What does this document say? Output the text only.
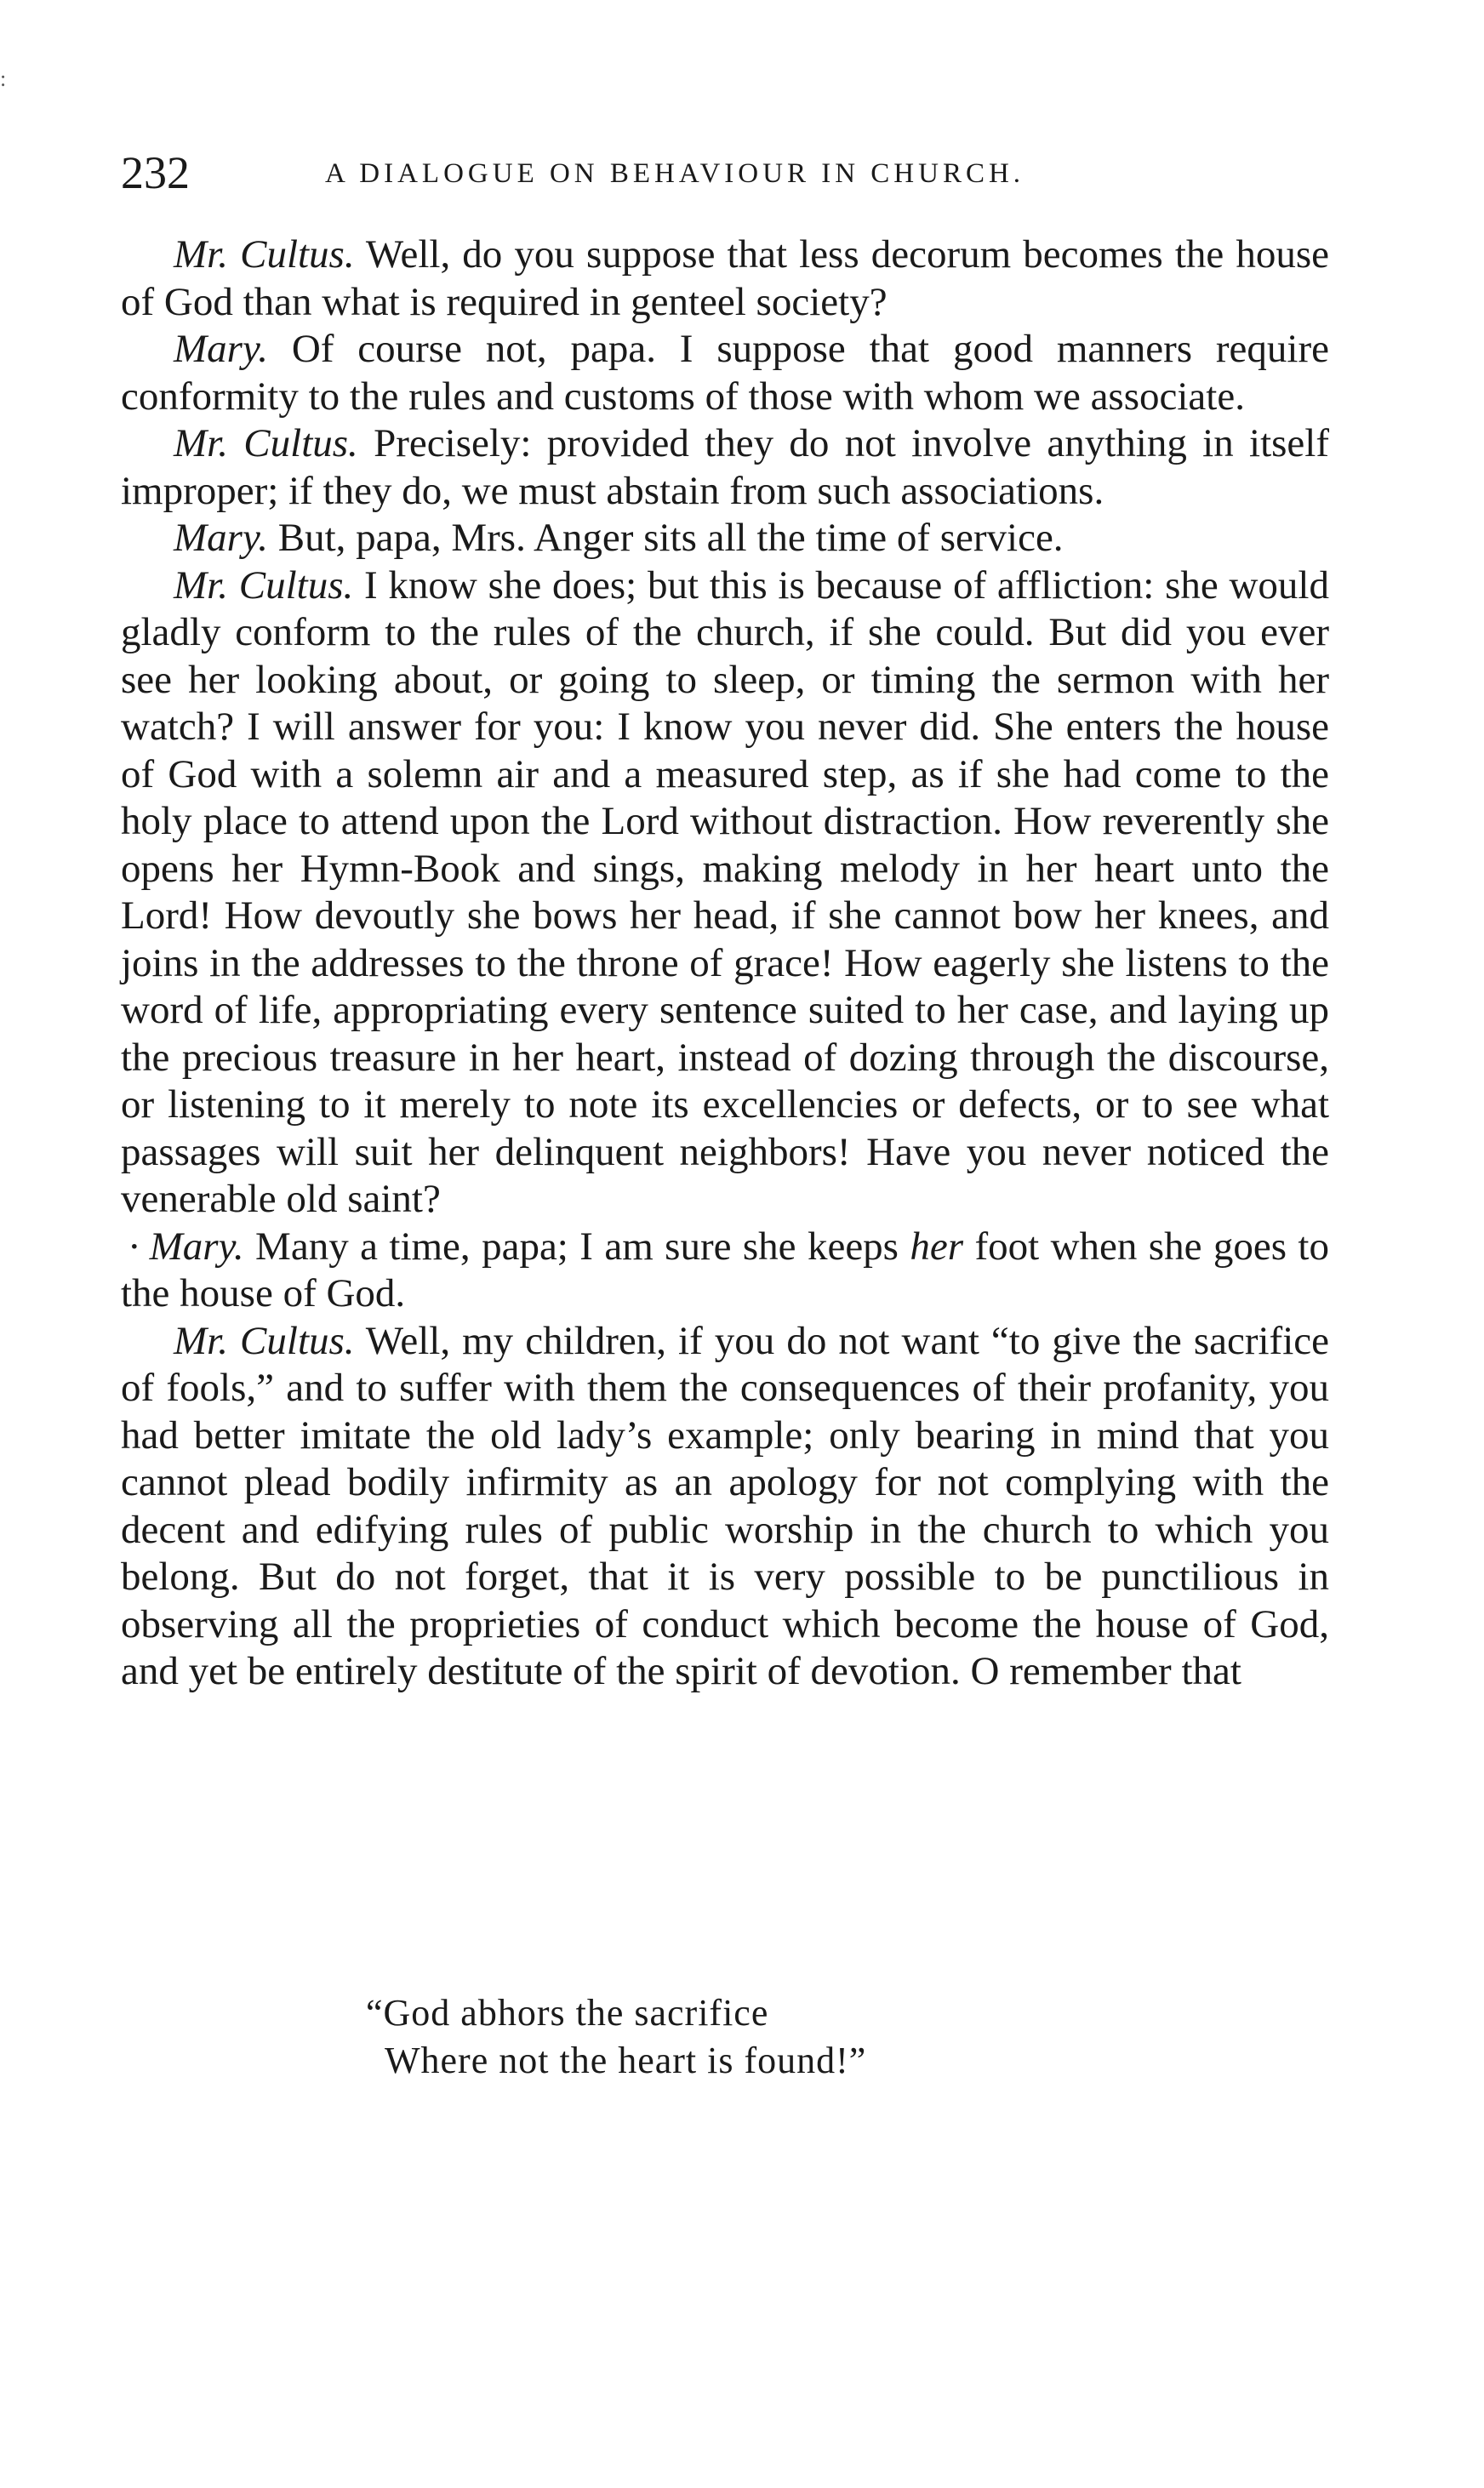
:
232	A DIALOGUE ON BEHAVIOUR IN CHURCH.

Mr. Cultus. Well, do you suppose that less decorum becomes the house of God than what is required in genteel society?

Mary. Of course not, papa. I suppose that good manners require conformity to the rules and customs of those with whom we associate.

Mr. Cultus. Precisely: provided they do not involve anything in itself improper; if they do, we must abstain from such associations.

Mary. But, papa, Mrs. Anger sits all the time of service.

Mr. Cultus. I know she does; but this is because of affliction: she would gladly conform to the rules of the church, if she could. But did you ever see her looking about, or going to sleep, or timing the sermon with her watch? I will answer for you: I know you never did. She enters the house of God with a solemn air and a measured step, as if she had come to the holy place to attend upon the Lord without distraction. How reverently she opens her Hymn-Book and sings, making melody in her heart unto the Lord! How devoutly she bows her head, if she cannot bow her knees, and joins in the addresses to the throne of grace! How eagerly she listens to the word of life, appropriating every sentence suited to her case, and laying up the precious treasure in her heart, instead of dozing through the discourse, or listening to it merely to note its excellencies or defects, or to see what passages will suit her delinquent neighbors! Have you never noticed the venerable old saint?

· Mary. Many a time, papa; I am sure she keeps her foot when she goes to the house of God.

Mr. Cultus. Well, my children, if you do not want “to give the sacrifice of fools,” and to suffer with them the consequences of their profanity, you had better imitate the old lady’s example; only bearing in mind that you cannot plead bodily infirmity as an apology for not complying with the decent and edifying rules of public worship in the church to which you belong. But do not forget, that it is very possible to be punctilious in observing all the proprieties of conduct which become the house of God, and yet be entirely destitute of the spirit of devotion. O remember that

“God abhors the sacrifice
Where not the heart is found!”
